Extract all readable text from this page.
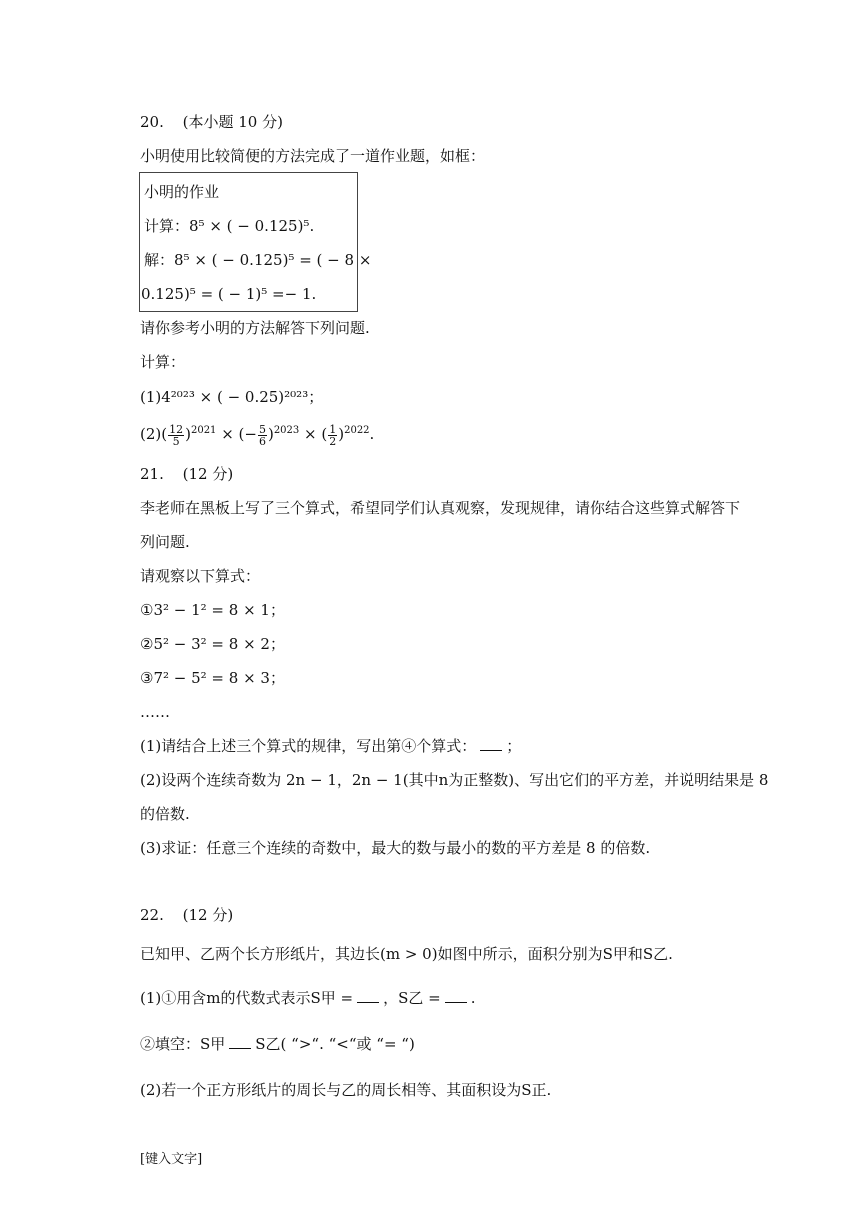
20. (本小题 10 分)
小明使用比较简便的方法完成了一道作业题，如框：
小明的作业
计算：8⁵ × ( − 0.125)⁵.
解：8⁵ × ( − 0.125)⁵ = ( − 8 ×
0.125)⁵ = ( − 1)⁵ =− 1.
请你参考小明的方法解答下列问题.
计算：
(1)4²⁰²³ × ( − 0.25)²⁰²³；
$(2)( \frac{12}{5} )^{2021}$ × (− $\frac{5}{6} )^{2023}$ × ( $\frac{1}{2} )^{2022}$.
21. (12 分)
李老师在黑板上写了三个算式，希望同学们认真观察，发现规律，请你结合这些算式解答下
列问题.
请观察以下算式：
①3² − 1² = 8 × 1；
②5² − 3² = 8 × 2；
③7² − 5² = 8 × 3；
……
(1)请结合上述三个算式的规律，写出第④个算式： ；
(2)设两个连续奇数为 2n − 1，2n − 1(其中n为正整数)、写出它们的平方差，并说明结果是 8
的倍数.
(3)求证：任意三个连续的奇数中，最大的数与最小的数的平方差是 8 的倍数.
22. (12 分)
已知甲、乙两个长方形纸片，其边长(m > 0)如图中所示，面积分别为S甲和S乙.
(1)①用含m的代数式表示S甲 = ，S乙 = .
②填空：S甲 S乙( “>“. “<“或 “= “)
(2)若一个正方形纸片的周长与乙的周长相等、其面积设为S正.
[键入文字]
